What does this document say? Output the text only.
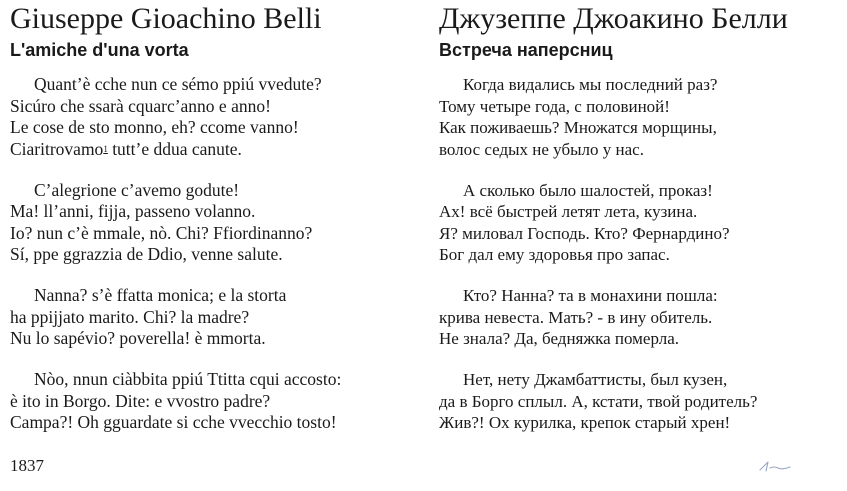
Giuseppe Gioachino Belli
L'amiche d'una vorta
Quant’è cche nun ce sémo ppiú vvedute?
Sicúro che ssarà cquarc’anno e anno!
Le cose de sto monno, eh? ccome vanno!
Ciaritrovamo1 tutt’e ddua canute.
C’alegrione c’avemo godute!
Ma! ll’anni, fijja, passeno volanno.
Io? nun c’è mmale, nò. Chi? Ffiordinanno?
Sí, ppe ggrazzia de Ddio, venne salute.
Nanna? s’è ffatta monica; e la storta
ha ppijjato marito. Chi? la madre?
Nu lo sapévio? poverella! è mmorta.
Nòo, nnun ciàbbita ppiú Ttitta cqui accosto:
è ito in Borgo. Dite: e vvostro padre?
Campa?! Oh gguardate si cche vvecchio tosto!
1837
Джузеппе Джоакино Белли
Встреча наперсниц
Когда видались мы последний раз?
Тому четыре года, с половиной!
Как поживаешь? Множатся морщины,
волос седых не убыло у нас.
А сколько было шалостей, проказ!
Ах! всё быстрей летят лета, кузина.
Я? миловал Господь. Кто? Фернардино?
Бог дал ему здоровья про запас.
Кто? Нанна? та в монахини пошла:
крива невеста. Мать? - в ину обитель.
Не знала? Да, бедняжка померла.
Нет, нету Джамбаттисты, был кузен,
да в Борго сплыл. А, кстати, твой родитель?
Жив?! Ох курилка, крепок старый хрен!
